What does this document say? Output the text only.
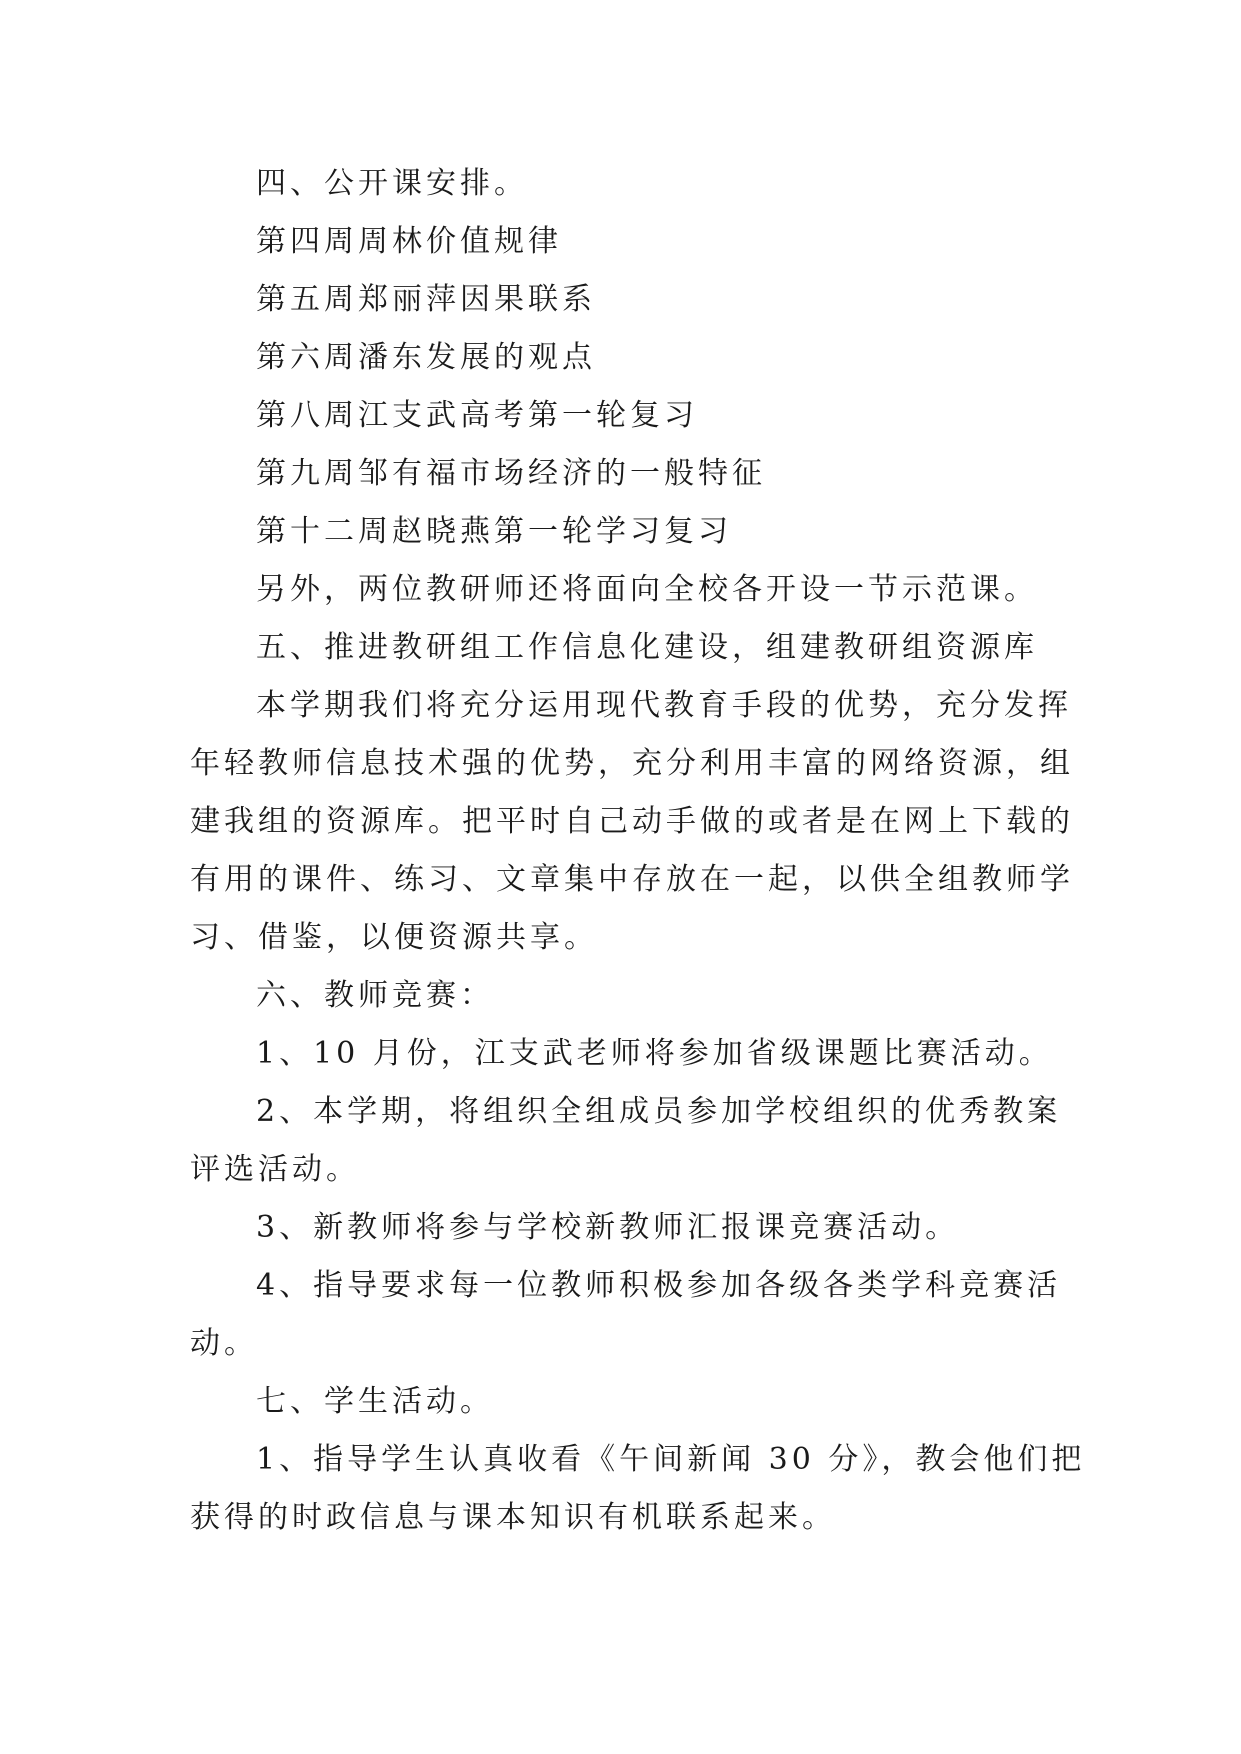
四、公开课安排。
第四周周林价值规律
第五周郑丽萍因果联系
第六周潘东发展的观点
第八周江支武高考第一轮复习
第九周邹有福市场经济的一般特征
第十二周赵晓燕第一轮学习复习
另外，两位教研师还将面向全校各开设一节示范课。
五、推进教研组工作信息化建设，组建教研组资源库
本学期我们将充分运用现代教育手段的优势，充分发挥
年轻教师信息技术强的优势，充分利用丰富的网络资源，组
建我组的资源库。把平时自己动手做的或者是在网上下载的
有用的课件、练习、文章集中存放在一起，以供全组教师学
习、借鉴，以便资源共享。
六、教师竞赛：
1、10 月份，江支武老师将参加省级课题比赛活动。
2、本学期，将组织全组成员参加学校组织的优秀教案
评选活动。
3、新教师将参与学校新教师汇报课竞赛活动。
4、指导要求每一位教师积极参加各级各类学科竞赛活
动。
七、学生活动。
1、指导学生认真收看《午间新闻 30 分》，教会他们把
获得的时政信息与课本知识有机联系起来。
